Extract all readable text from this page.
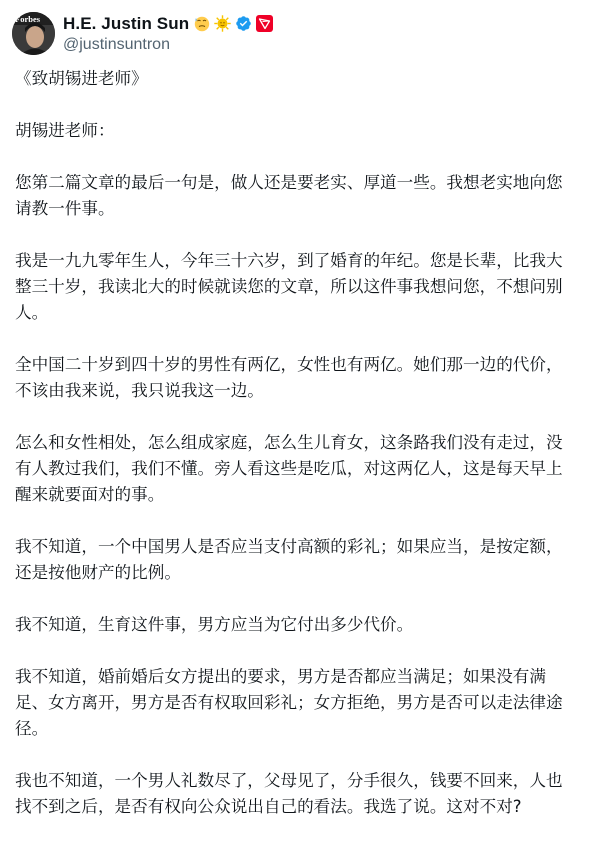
Forbes H.E. Justin Sun
@justinsuntron
《致胡锡进老师》
胡锡进老师：
您第二篇文章的最后一句是，做人还是要老实、厚道一些。我想老实地向您
请教一件事。
我是一九九零年生人，今年三十六岁，到了婚育的年纪。您是长辈，比我大
整三十岁，我读北大的时候就读您的文章，所以这件事我想问您，不想问别
人。
全中国二十岁到四十岁的男性有两亿，女性也有两亿。她们那一边的代价，
不该由我来说，我只说我这一边。
怎么和女性相处，怎么组成家庭，怎么生儿育女，这条路我们没有走过，没
有人教过我们，我们不懂。旁人看这些是吃瓜，对这两亿人，这是每天早上
醒来就要面对的事。
我不知道，一个中国男人是否应当支付高额的彩礼；如果应当，是按定额，
还是按他财产的比例。
我不知道，生育这件事，男方应当为它付出多少代价。
我不知道，婚前婚后女方提出的要求，男方是否都应当满足；如果没有满
足、女方离开，男方是否有权取回彩礼；女方拒绝，男方是否可以走法律途
径。
我也不知道，一个男人礼数尽了，父母见了，分手很久，钱要不回来，人也
找不到之后，是否有权向公众说出自己的看法。我选了说。这对不对?
